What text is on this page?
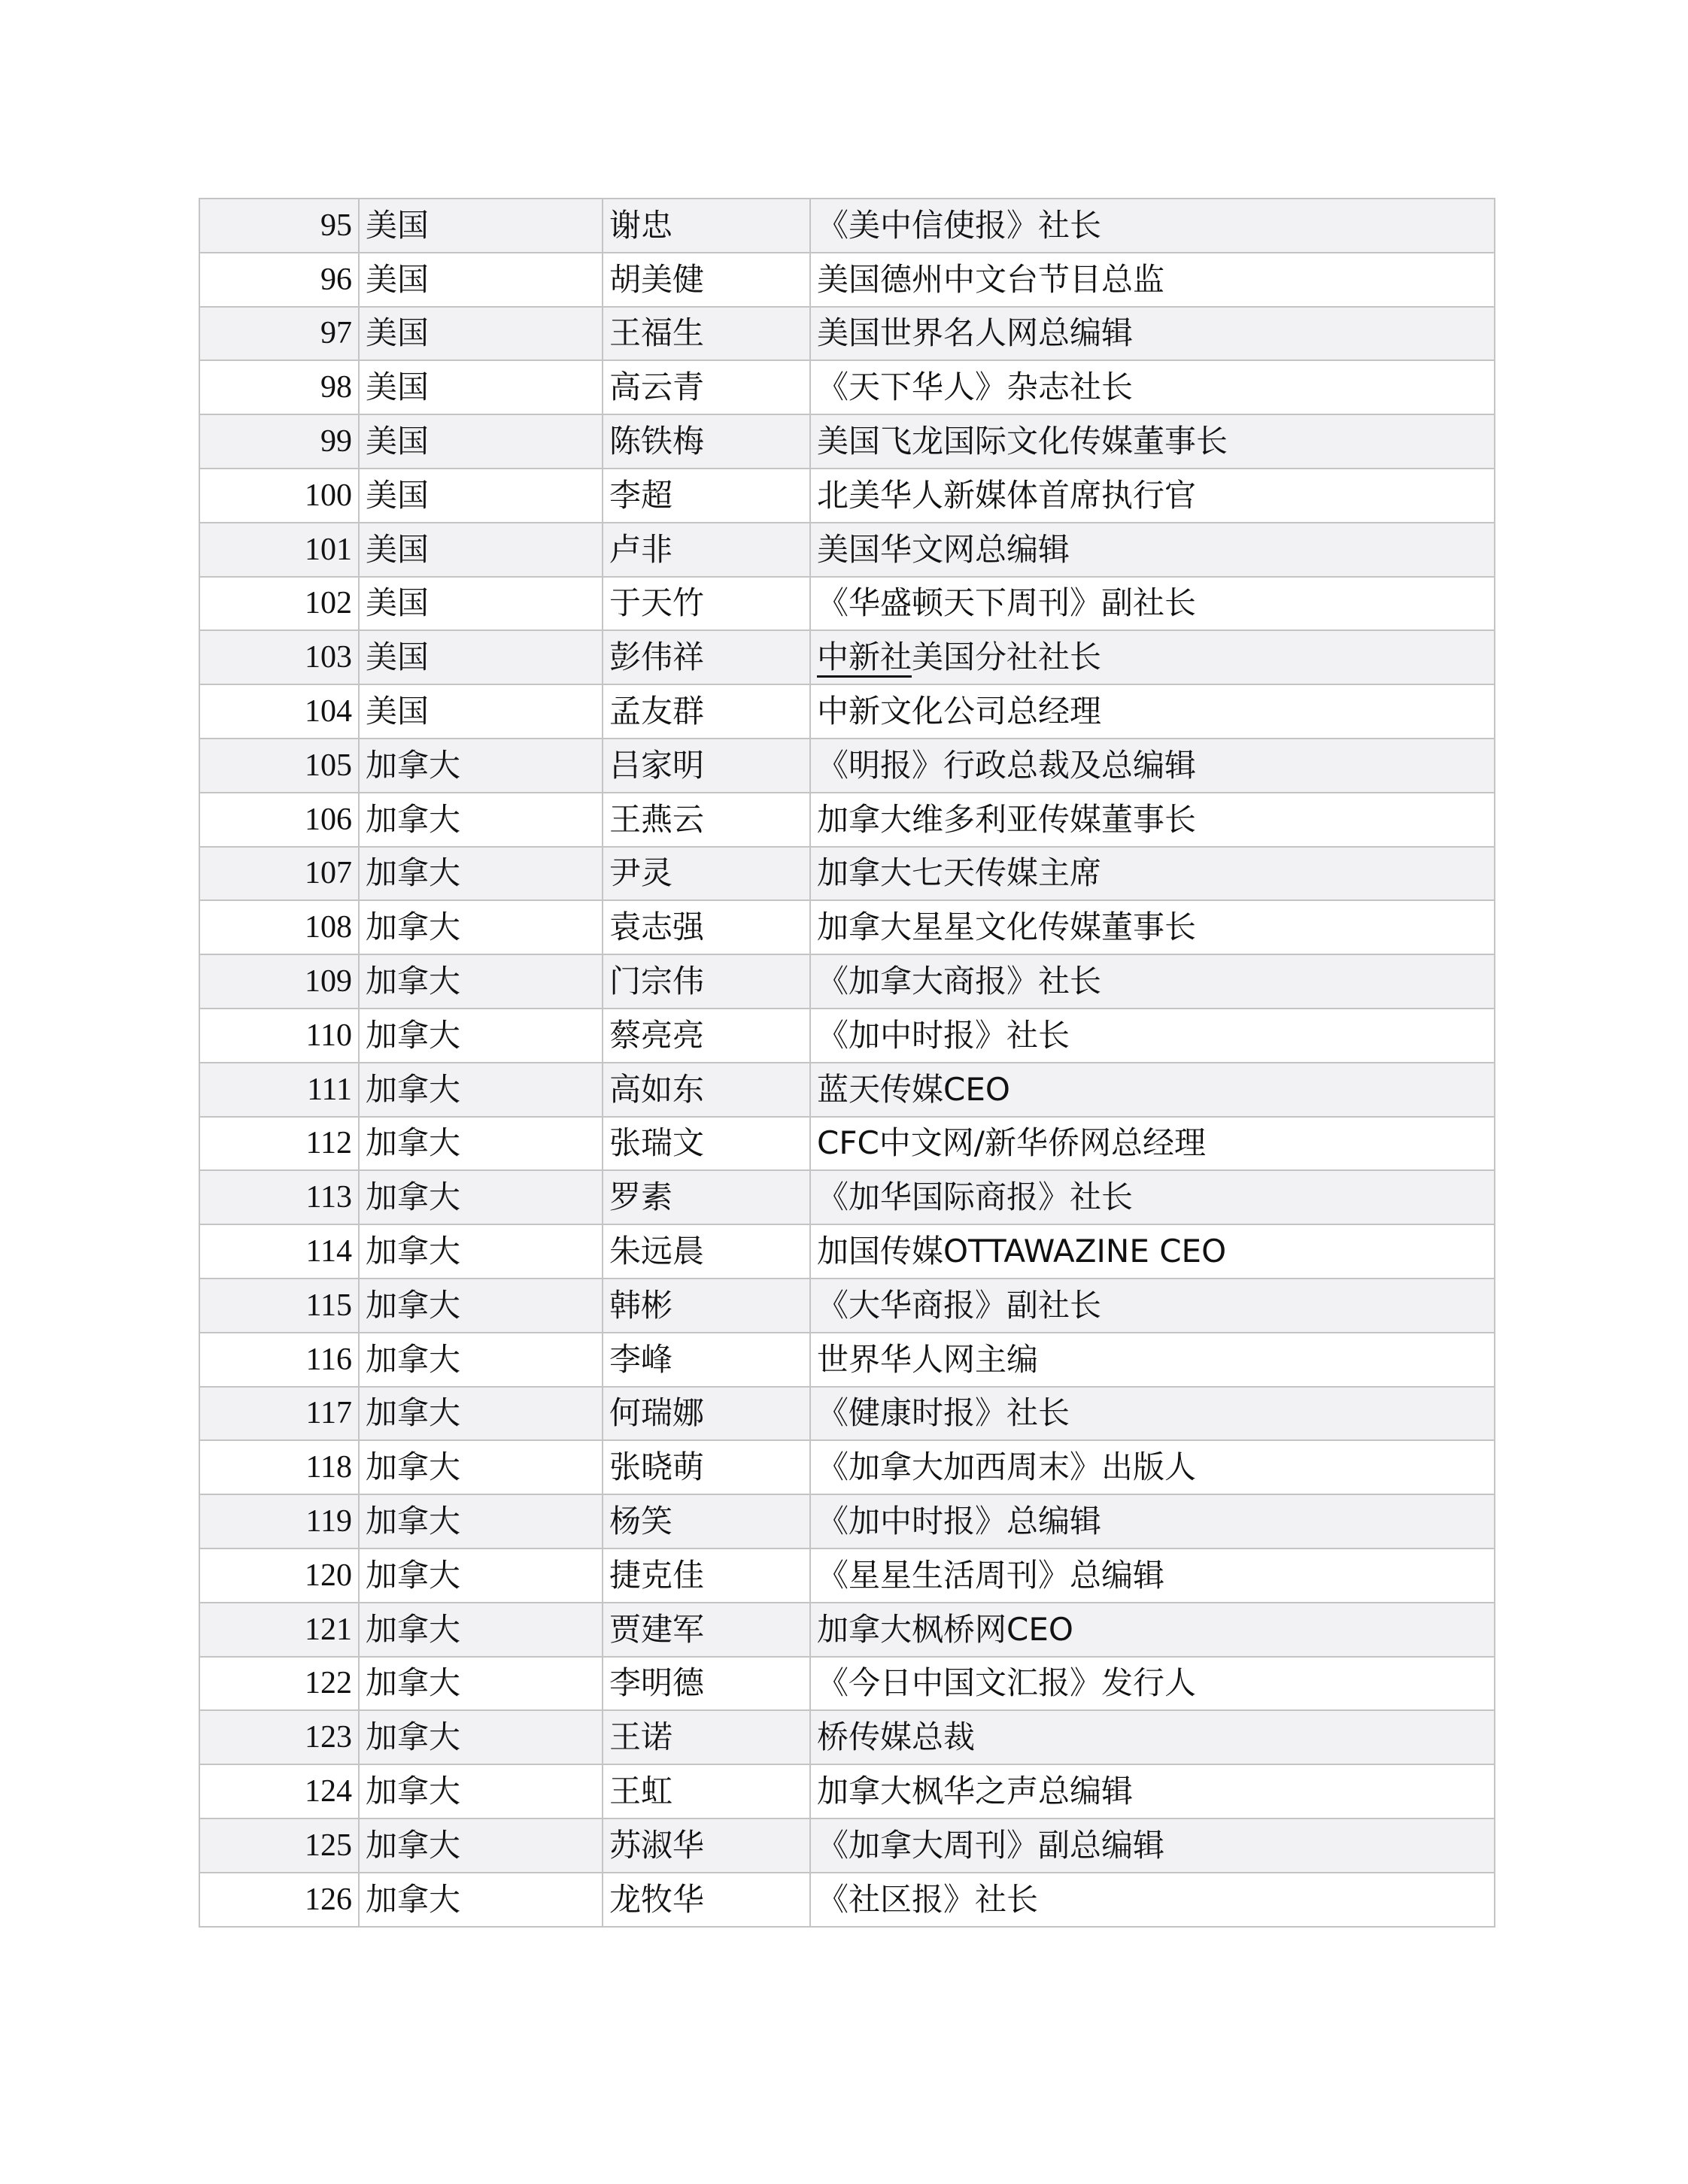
95	美国	谢忠	《美中信使报》社长
96	美国	胡美健	美国德州中文台节目总监
97	美国	王福生	美国世界名人网总编辑
98	美国	高云青	《天下华人》杂志社长
99	美国	陈铁梅	美国飞龙国际文化传媒董事长
100	美国	李超	北美华人新媒体首席执行官
101	美国	卢非	美国华文网总编辑
102	美国	于天竹	《华盛顿天下周刊》副社长
103	美国	彭伟祥	中新社美国分社社长
104	美国	孟友群	中新文化公司总经理
105	加拿大	吕家明	《明报》行政总裁及总编辑
106	加拿大	王燕云	加拿大维多利亚传媒董事长
107	加拿大	尹灵	加拿大七天传媒主席
108	加拿大	袁志强	加拿大星星文化传媒董事长
109	加拿大	门宗伟	《加拿大商报》社长
110	加拿大	蔡亮亮	《加中时报》社长
111	加拿大	高如东	蓝天传媒CEO
112	加拿大	张瑞文	CFC中文网/新华侨网总经理
113	加拿大	罗素	《加华国际商报》社长
114	加拿大	朱远晨	加国传媒OTTAWAZINE CEO
115	加拿大	韩彬	《大华商报》副社长
116	加拿大	李峰	世界华人网主编
117	加拿大	何瑞娜	《健康时报》社长
118	加拿大	张晓萌	《加拿大加西周末》出版人
119	加拿大	杨笑	《加中时报》总编辑
120	加拿大	捷克佳	《星星生活周刊》总编辑
121	加拿大	贾建军	加拿大枫桥网CEO
122	加拿大	李明德	《今日中国文汇报》发行人
123	加拿大	王诺	桥传媒总裁
124	加拿大	王虹	加拿大枫华之声总编辑
125	加拿大	苏淑华	《加拿大周刊》副总编辑
126	加拿大	龙牧华	《社区报》社长
